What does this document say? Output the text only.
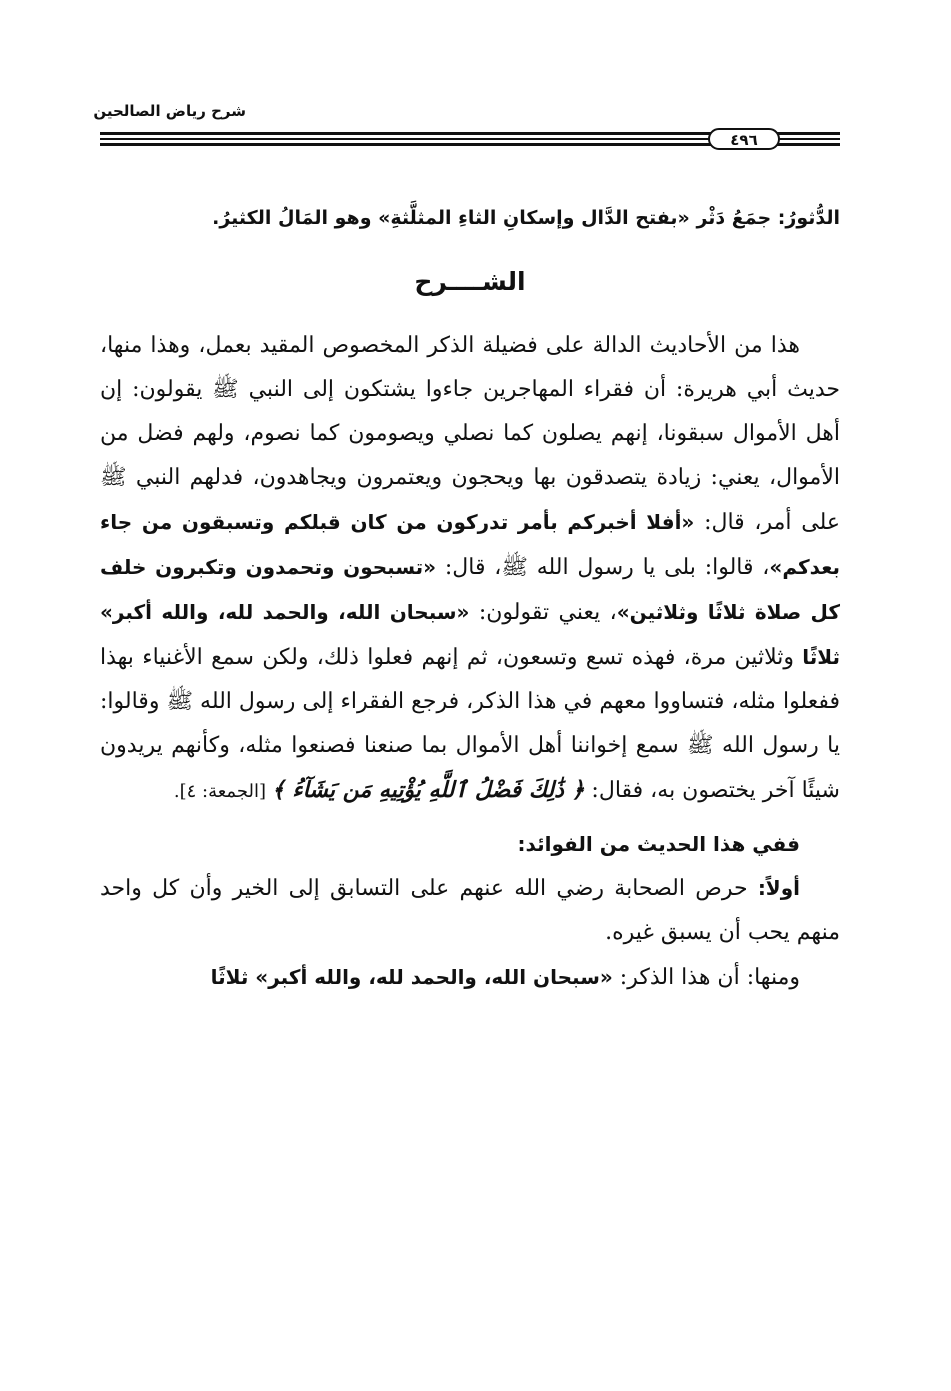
شرح رياض الصالحين
٤٩٦

الدُّثورُ: جمَعُ دَثْر «بفتح الدَّال وإسكانِ الثاءِ المثلَّثةِ» وهو المَالُ الكثيرُ.

الشــــرح

هذا من الأحاديث الدالة على فضيلة الذكر المخصوص المقيد بعمل، وهذا منها، حديث أبي هريرة: أن فقراء المهاجرين جاءوا يشتكون إلى النبي ﷺ يقولون: إن أهل الأموال سبقونا، إنهم يصلون كما نصلي ويصومون كما نصوم، ولهم فضل من الأموال، يعني: زيادة يتصدقون بها ويحجون ويعتمرون ويجاهدون، فدلهم النبي ﷺ على أمر، قال: «أفلا أخبركم بأمر تدركون من كان قبلكم وتسبقون من جاء بعدكم»، قالوا: بلى يا رسول الله ﷺ، قال: «تسبحون وتحمدون وتكبرون خلف كل صلاة ثلاثًا وثلاثين»، يعني تقولون: «سبحان الله، والحمد لله، والله أكبر» ثلاثًا وثلاثين مرة، فهذه تسع وتسعون، ثم إنهم فعلوا ذلك، ولكن سمع الأغنياء بهذا ففعلوا مثله، فتساووا معهم في هذا الذكر، فرجع الفقراء إلى رسول الله ﷺ وقالوا: يا رسول الله ﷺ سمع إخواننا أهل الأموال بما صنعنا فصنعوا مثله، وكأنهم يريدون شيئًا آخر يختصون به، فقال: ﴿ ذَٰلِكَ فَضْلُ ٱللَّهِ يُؤْتِيهِ مَن يَشَآءُ ﴾ [الجمعة: ٤].

ففي هذا الحديث من الفوائد:

أولاً: حرص الصحابة رضي الله عنهم على التسابق إلى الخير وأن كل واحد منهم يحب أن يسبق غيره.

ومنها: أن هذا الذكر: «سبحان الله، والحمد لله، والله أكبر» ثلاثًا
